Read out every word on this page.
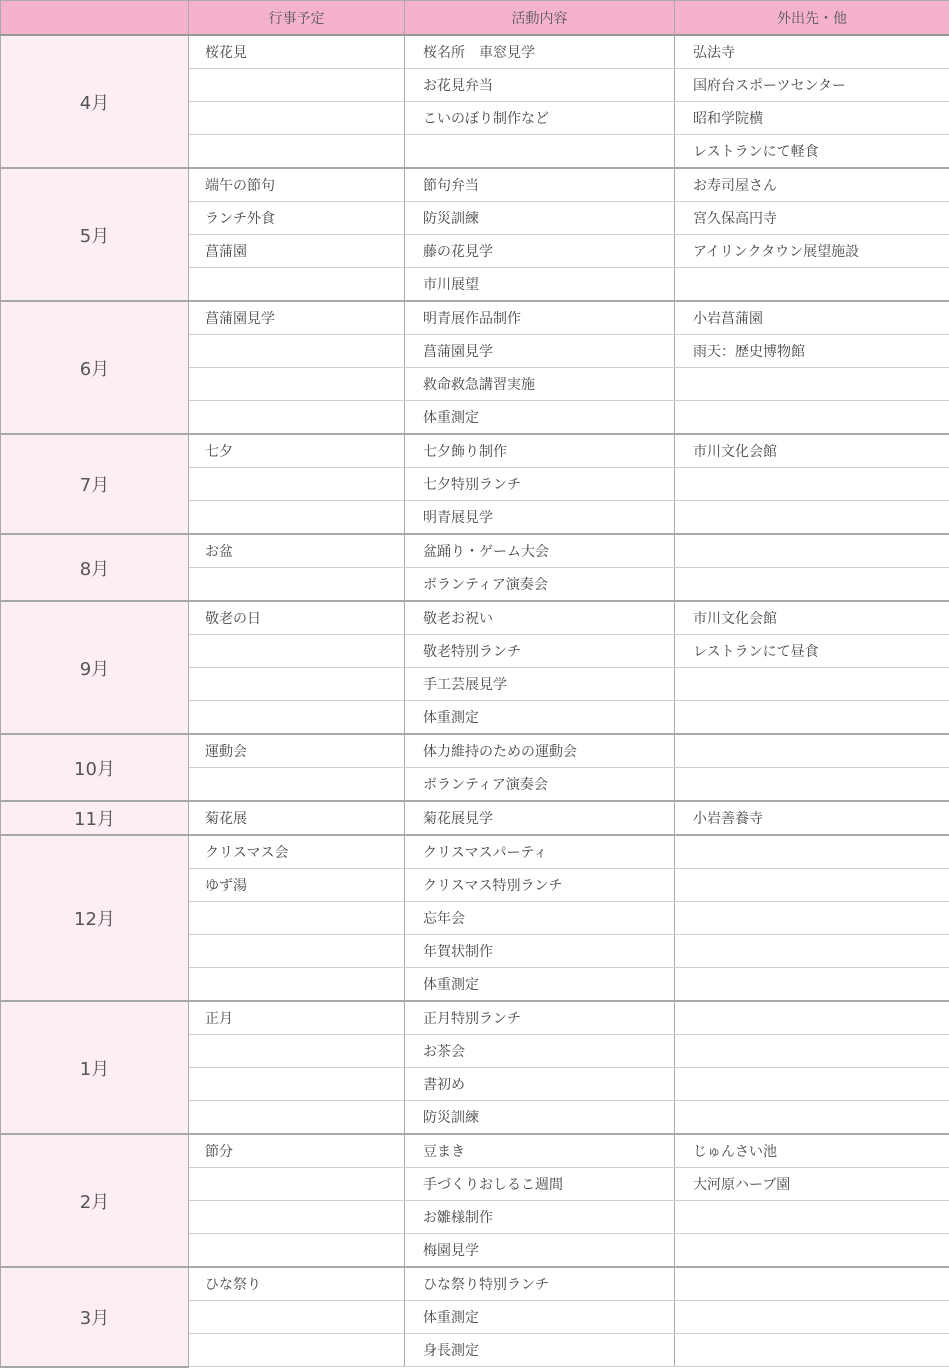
	行事予定	活動内容	外出先・他
4月	桜花見	桜名所　車窓見学	弘法寺
		お花見弁当	国府台スポーツセンター
		こいのぼり制作など	昭和学院横
			レストランにて軽食
5月	端午の節句	節句弁当	お寿司屋さん
	ランチ外食	防災訓練	宮久保高円寺
	菖蒲園	藤の花見学	アイリンクタウン展望施設
		市川展望	
6月	菖蒲園見学	明青展作品制作	小岩菖蒲園
		菖蒲園見学	雨天：歴史博物館
		救命救急講習実施	
		体重測定	
7月	七夕	七夕飾り制作	市川文化会館
		七夕特別ランチ	
		明青展見学	
8月	お盆	盆踊り・ゲーム大会	
		ボランティア演奏会	
9月	敬老の日	敬老お祝い	市川文化会館
		敬老特別ランチ	レストランにて昼食
		手工芸展見学	
		体重測定	
10月	運動会	体力維持のための運動会	
		ボランティア演奏会	
11月	菊花展	菊花展見学	小岩善養寺
12月	クリスマス会	クリスマスパーティ	
	ゆず湯	クリスマス特別ランチ	
		忘年会	
		年賀状制作	
		体重測定	
1月	正月	正月特別ランチ	
		お茶会	
		書初め	
		防災訓練	
2月	節分	豆まき	じゅんさい池
		手づくりおしるこ週間	大河原ハーブ園
		お雛様制作	
		梅園見学	
3月	ひな祭り	ひな祭り特別ランチ	
		体重測定	
		身長測定	
